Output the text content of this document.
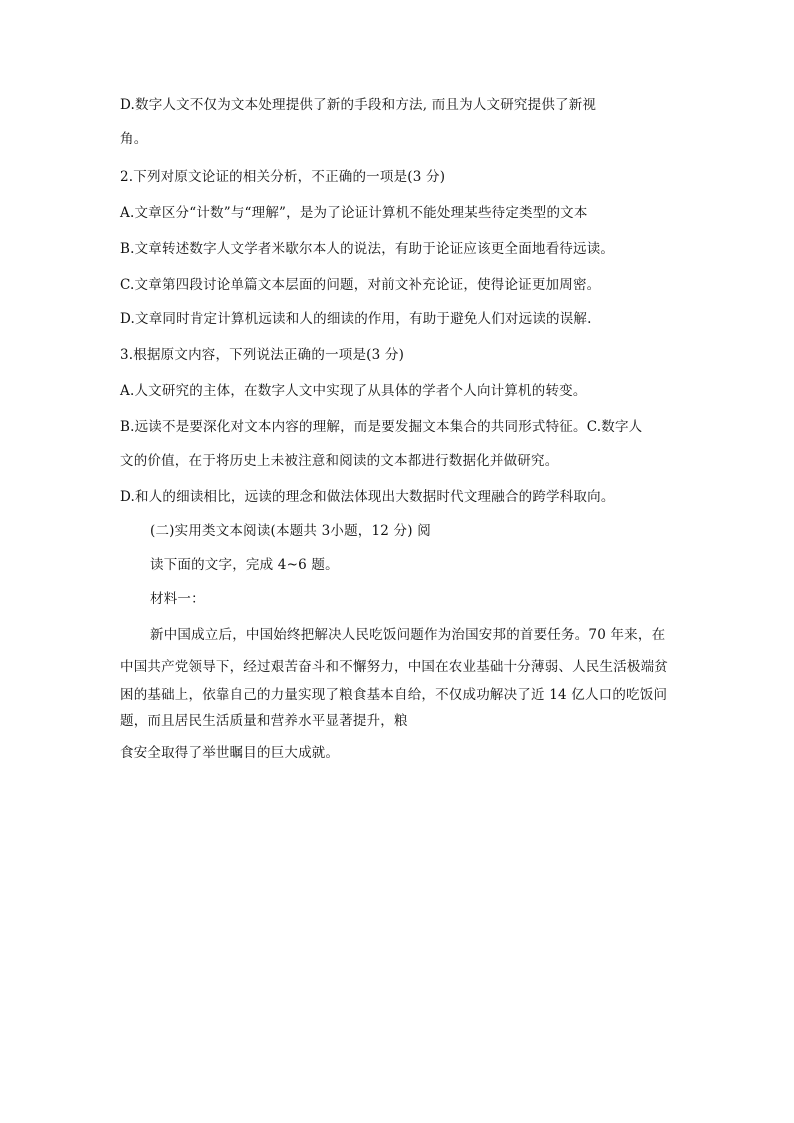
D.数字人文不仅为文本处理提供了新的手段和方法, 而且为人文研究提供了新视
角。
2.下列对原文论证的相关分析，不正确的一项是(3 分)
A.文章区分“计数”与“理解”，是为了论证计算机不能处理某些待定类型的文本
B.文章转述数字人文学者米歇尔本人的说法，有助于论证应该更全面地看待远读。
C.文章第四段讨论单篇文本层面的问题，对前文补充论证，使得论证更加周密。
D.文章同时肯定计算机远读和人的细读的作用，有助于避免人们对远读的误解.
3.根据原文内容，下列说法正确的一项是(3 分)
A.人文研究的主体，在数字人文中实现了从具体的学者个人向计算机的转变。
B.远读不是要深化对文本内容的理解，而是要发掘文本集合的共同形式特征。C.数字人
文的价值，在于将历史上未被注意和阅读的文本都进行数据化并做研究。
D.和人的细读相比，远读的理念和做法体现出大数据时代文理融合的跨学科取向。
(二)实用类文本阅读(本题共 3小题，12 分) 阅
读下面的文字，完成 4~6 题。
材料一：
新中国成立后，中国始终把解决人民吃饭问题作为治国安邦的首要任务。70 年来，在
中国共产党领导下，经过艰苦奋斗和不懈努力，中国在农业基础十分薄弱、人民生活极端贫
困的基础上，依靠自己的力量实现了粮食基本自给，不仅成功解决了近 14 亿人口的吃饭问
题，而且居民生活质量和营养水平显著提升，粮
食安全取得了举世瞩目的巨大成就。
